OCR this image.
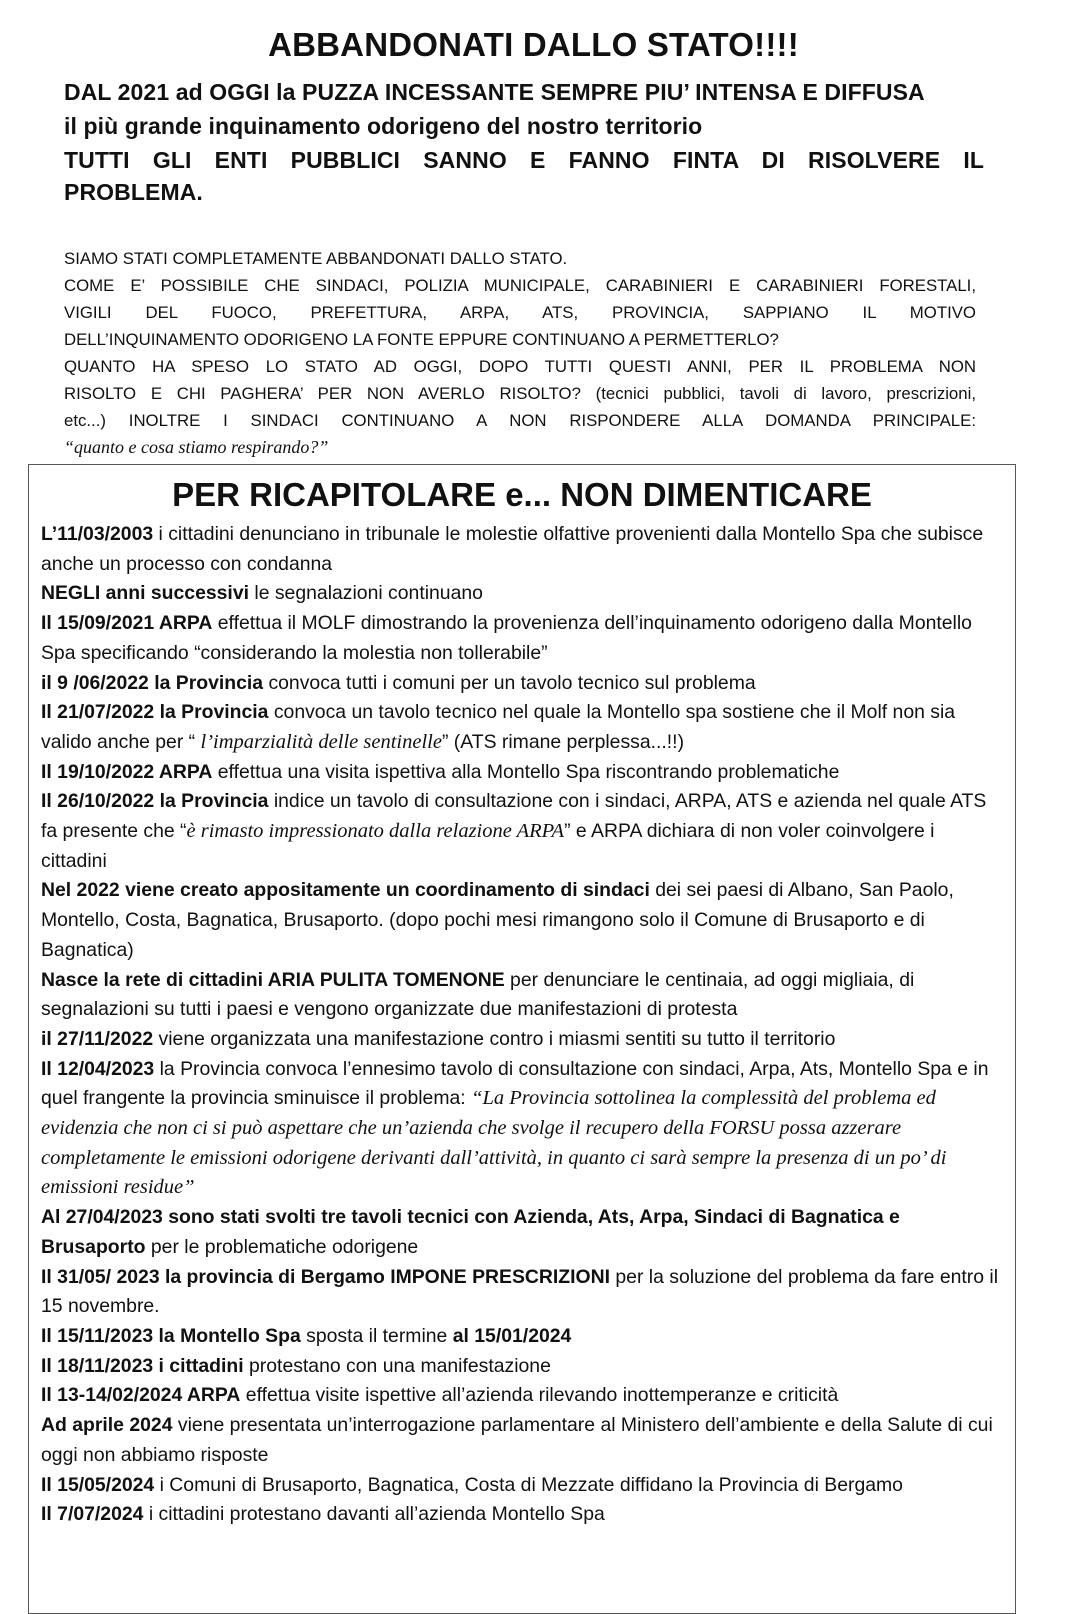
ABBANDONATI DALLO STATO!!!!
DAL 2021 ad OGGI la PUZZA INCESSANTE SEMPRE PIU’ INTENSA E DIFFUSA
il più grande inquinamento odorigeno del nostro territorio
TUTTI GLI ENTI PUBBLICI SANNO E FANNO FINTA DI RISOLVERE IL
PROBLEMA.
SIAMO STATI COMPLETAMENTE ABBANDONATI DALLO STATO.
COME E’ POSSIBILE CHE SINDACI, POLIZIA MUNICIPALE, CARABINIERI E CARABINIERI FORESTALI,
VIGILI DEL FUOCO, PREFETTURA, ARPA, ATS, PROVINCIA, SAPPIANO IL MOTIVO
DELL’INQUINAMENTO ODORIGENO LA FONTE EPPURE CONTINUANO A PERMETTERLO?
QUANTO HA SPESO LO STATO AD OGGI, DOPO TUTTI QUESTI ANNI, PER IL PROBLEMA NON
RISOLTO E CHI PAGHERA’ PER NON AVERLO RISOLTO? (tecnici pubblici, tavoli di lavoro, prescrizioni,
etc...) INOLTRE I SINDACI CONTINUANO A NON RISPONDERE ALLA DOMANDA PRINCIPALE:
“quanto e cosa stiamo respirando?”
PER RICAPITOLARE e... NON DIMENTICARE
L’11/03/2003 i cittadini denunciano in tribunale le molestie olfattive provenienti dalla Montello Spa che subisce anche un processo con condanna
NEGLI anni successivi le segnalazioni continuano
Il 15/09/2021 ARPA effettua il MOLF dimostrando la provenienza dell’inquinamento odorigeno dalla Montello Spa specificando “considerando la molestia non tollerabile”
il 9 /06/2022 la Provincia convoca tutti i comuni per un tavolo tecnico sul problema
Il 21/07/2022 la Provincia convoca un tavolo tecnico nel quale la Montello spa sostiene che il Molf non sia valido anche per “ l’imparzialità delle sentinelle” (ATS rimane perplessa...!!)
Il 19/10/2022 ARPA effettua una visita ispettiva alla Montello Spa riscontrando problematiche
Il 26/10/2022 la Provincia indice un tavolo di consultazione con i sindaci, ARPA, ATS e azienda nel quale ATS fa presente che “è rimasto impressionato dalla relazione ARPA” e ARPA dichiara di non voler coinvolgere i cittadini
Nel 2022 viene creato appositamente un coordinamento di sindaci dei sei paesi di Albano, San Paolo, Montello, Costa, Bagnatica, Brusaporto. (dopo pochi mesi rimangono solo il Comune di Brusaporto e di Bagnatica)
Nasce la rete di cittadini ARIA PULITA TOMENONE per denunciare le centinaia, ad oggi migliaia, di segnalazioni su tutti i paesi e vengono organizzate due manifestazioni di protesta
il 27/11/2022 viene organizzata una manifestazione contro i miasmi sentiti su tutto il territorio
Il 12/04/2023 la Provincia convoca l’ennesimo tavolo di consultazione con sindaci, Arpa, Ats, Montello Spa e in quel frangente la provincia sminuisce il problema: “La Provincia sottolinea la complessità del problema ed evidenzia che non ci si può aspettare che un’azienda che svolge il recupero della FORSU possa azzerare completamente le emissioni odorigene derivanti dall’attività, in quanto ci sarà sempre la presenza di un po’ di emissioni residue”
Al 27/04/2023 sono stati svolti tre tavoli tecnici con Azienda, Ats, Arpa, Sindaci di Bagnatica e Brusaporto per le problematiche odorigene
Il 31/05/ 2023 la provincia di Bergamo IMPONE PRESCRIZIONI per la soluzione del problema da fare entro il 15 novembre.
Il 15/11/2023 la Montello Spa sposta il termine al 15/01/2024
Il 18/11/2023 i cittadini protestano con una manifestazione
Il 13-14/02/2024 ARPA effettua visite ispettive all’azienda rilevando inottemperanze e criticità
Ad aprile 2024 viene presentata un’interrogazione parlamentare al Ministero dell’ambiente e della Salute di cui oggi non abbiamo risposte
Il 15/05/2024 i Comuni di Brusaporto, Bagnatica, Costa di Mezzate diffidano la Provincia di Bergamo
Il 7/07/2024 i cittadini protestano davanti all’azienda Montello Spa
